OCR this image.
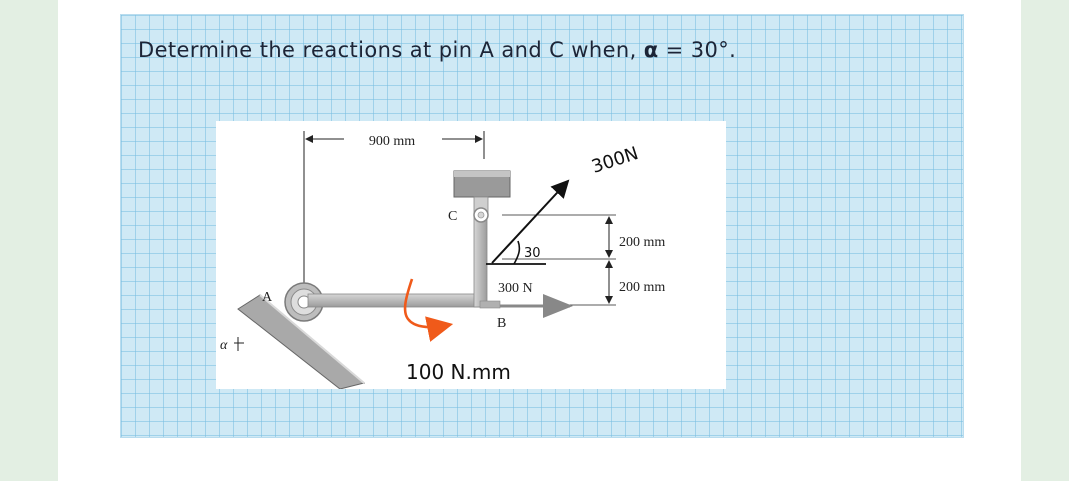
Determine the reactions at pin A and C when, α = 30°.
900 mm
200 mm
200 mm
300 N
B
C
A
α
30
300N
100 N.mm
